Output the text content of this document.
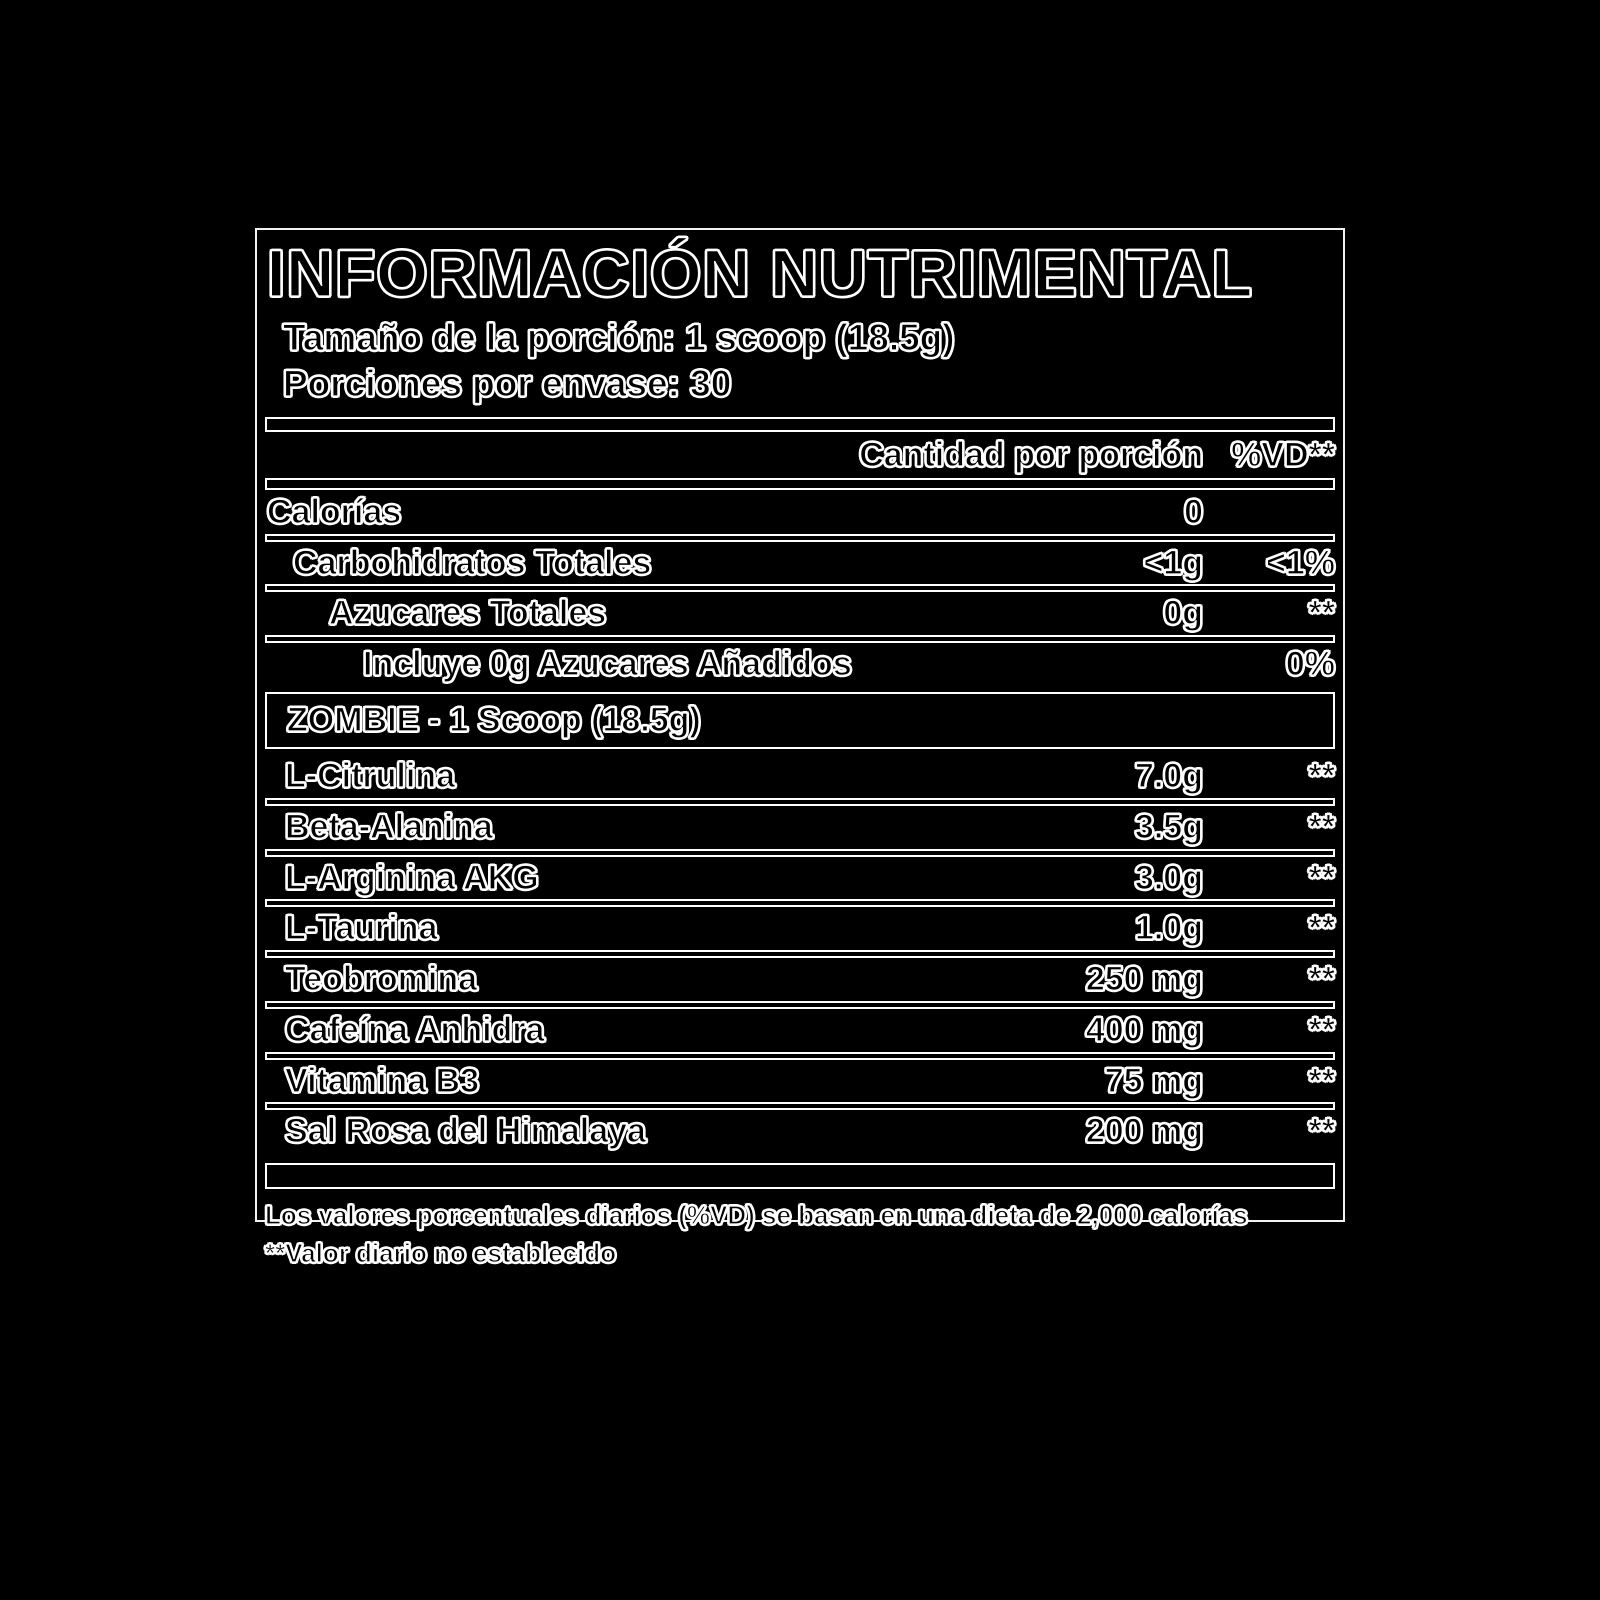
INFORMACIÓN NUTRIMENTAL
Tamaño de la porción: 1 scoop (18.5g)
Porciones por envase: 30
Cantidad por porción %VD**
Calorías	0
Carbohidratos Totales	<1g	<1%
Azucares Totales	0g	**
Incluye 0g Azucares Añadidos	0%
ZOMBIE - 1 Scoop (18.5g)
L-Citrulina	7.0g	**
Beta-Alanina	3.5g	**
L-Arginina AKG	3.0g	**
L-Taurina	1.0g	**
Teobromina	250 mg	**
Cafeína Anhidra	400 mg	**
Vitamina B3	75 mg	**
Sal Rosa del Himalaya	200 mg	**
Los valores porcentuales diarios (%VD) se basan en una dieta de 2,000 calorías
**Valor diario no establecido
